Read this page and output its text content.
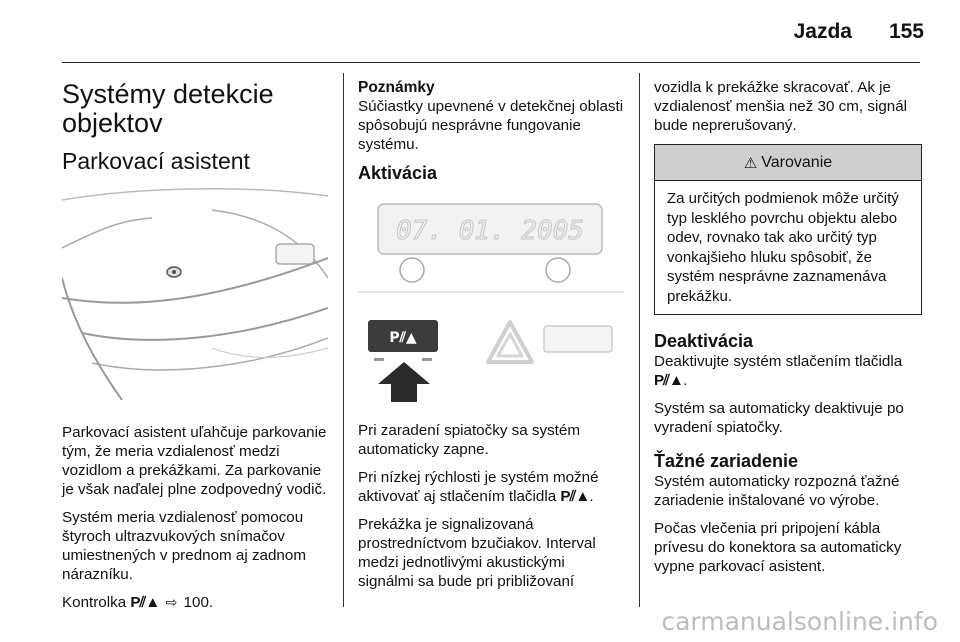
Jazda 155
Systémy detekcie objektov
Parkovací asistent

Parkovací asistent uľahčuje parkovanie tým, že meria vzdialenosť medzi vozidlom a prekážkami. Za parkovanie je však naďalej plne zodpovedný vodič.

Systém meria vzdialenosť pomocou štyroch ultrazvukových snímačov umiestnených v prednom aj zadnom nárazníku.

Kontrolka P⫽▲ ⇨ 100.

Poznámky

Súčiastky upevnené v detekčnej oblasti spôsobujú nesprávne fungovanie systému.

Aktivácia
07. 01. 2005
P⫽▲

Pri zaradení spiatočky sa systém automaticky zapne.

Pri nízkej rýchlosti je systém možné aktivovať aj stlačením tlačidla P⫽▲.

Prekážka je signalizovaná prostredníctvom bzučiakov. Interval medzi jednotlivými akustickými signálmi sa bude pri približovaní

vozidla k prekážke skracovať. Ak je vzdialenosť menšia než 30 cm, signál bude neprerušovaný.

⚠ Varovanie
Za určitých podmienok môže určitý typ lesklého povrchu objektu alebo odev, rovnako tak ako určitý typ vonkajšieho hluku spôsobiť, že systém nesprávne zaznamenáva prekážku.
Deaktivácia

Deaktivujte systém stlačením tlačidla P⫽▲.

Systém sa automaticky deaktivuje po vyradení spiatočky.

Ťažné zariadenie

Systém automaticky rozpozná ťažné zariadenie inštalované vo výrobe.

Počas vlečenia pri pripojení kábla prívesu do konektora sa automaticky vypne parkovací asistent.

carmanualsonline.info
